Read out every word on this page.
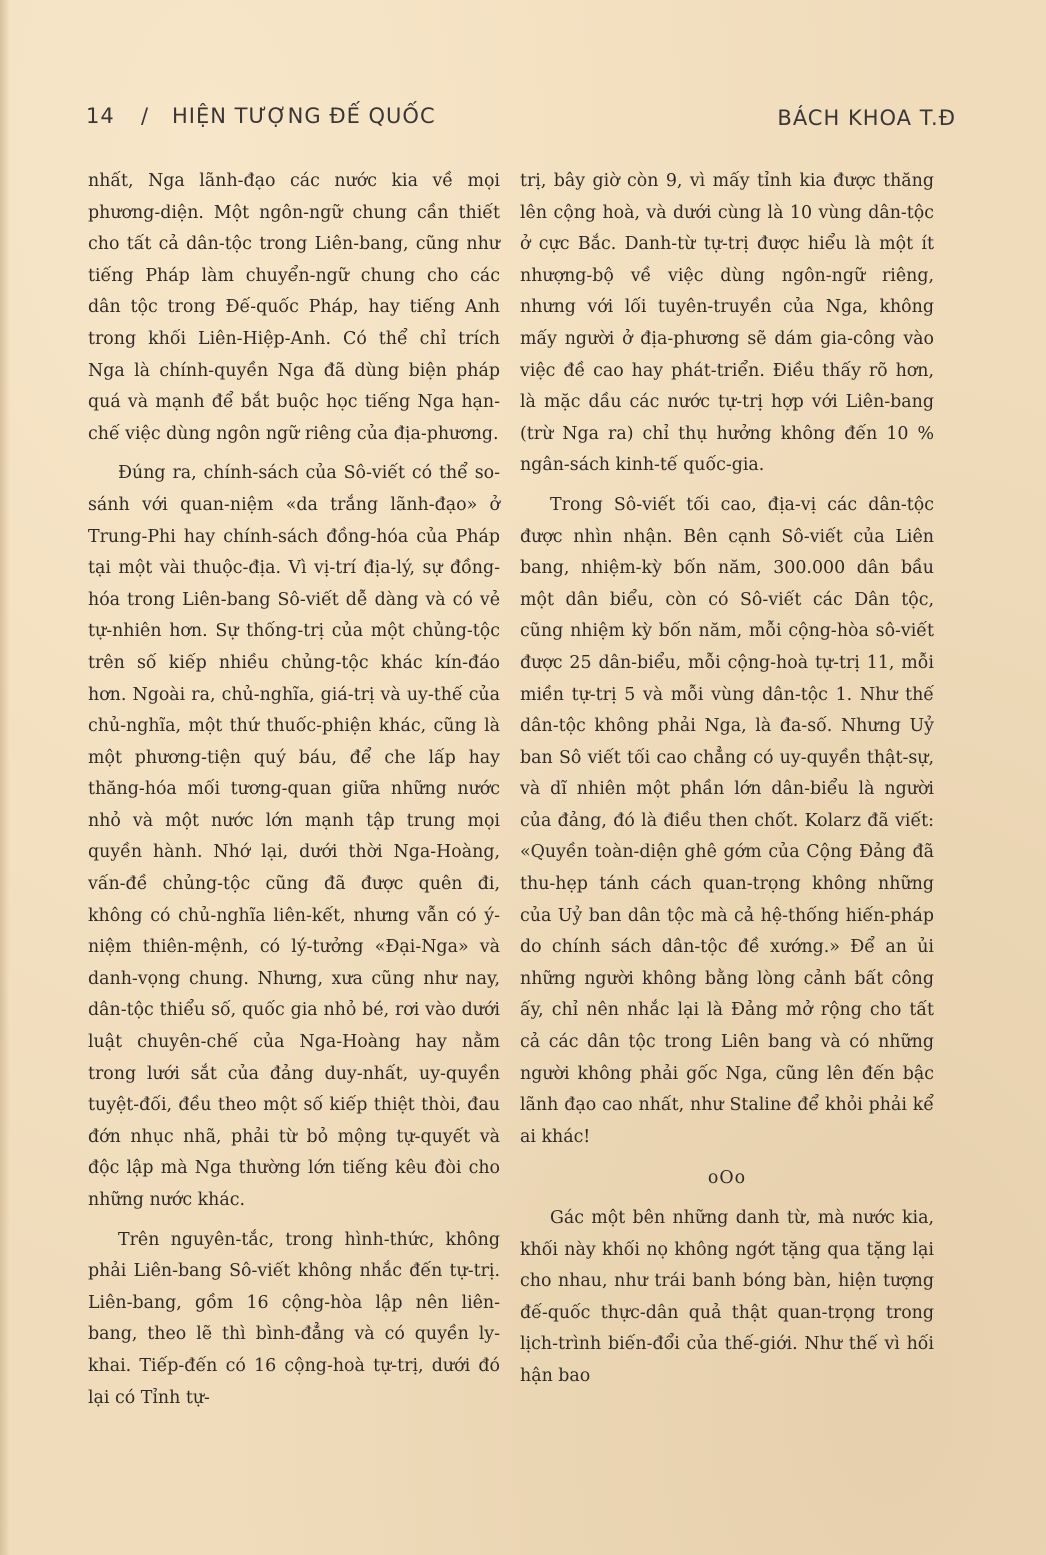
14 / HIỆN TƯỢNG ĐẾ QUỐC	BÁCH KHOA T.Đ

nhất, Nga lãnh-đạo các nước kia về mọi phương-diện. Một ngôn-ngữ chung cần thiết cho tất cả dân-tộc trong Liên-bang, cũng như tiếng Pháp làm chuyển-ngữ chung cho các dân tộc trong Đế-quốc Pháp, hay tiếng Anh trong khối Liên-Hiệp-Anh. Có thể chỉ trích Nga là chính-quyền Nga đã dùng biện pháp quá và mạnh để bắt buộc học tiếng Nga hạn-chế việc dùng ngôn ngữ riêng của địa-phương.

Đúng ra, chính-sách của Sô-viết có thể so-sánh với quan-niệm «da trắng lãnh-đạo» ở Trung-Phi hay chính-sách đồng-hóa của Pháp tại một vài thuộc-địa. Vì vị-trí địa-lý, sự đồng-hóa trong Liên-bang Sô-viết dễ dàng và có vẻ tự-nhiên hơn. Sự thống-trị của một chủng-tộc trên số kiếp nhiều chủng-tộc khác kín-đáo hơn. Ngoài ra, chủ-nghĩa, giá-trị và uy-thế của chủ-nghĩa, một thứ thuốc-phiện khác, cũng là một phương-tiện quý báu, để che lấp hay thăng-hóa mối tương-quan giữa những nước nhỏ và một nước lớn mạnh tập trung mọi quyền hành. Nhớ lại, dưới thời Nga-Hoàng, vấn-đề chủng-tộc cũng đã được quên đi, không có chủ-nghĩa liên-kết, nhưng vẫn có ý-niệm thiên-mệnh, có lý-tưởng «Đại-Nga» và danh-vọng chung. Nhưng, xưa cũng như nay, dân-tộc thiểu số, quốc gia nhỏ bé, rơi vào dưới luật chuyên-chế của Nga-Hoàng hay nằm trong lưới sắt của đảng duy-nhất, uy-quyền tuyệt-đối, đều theo một số kiếp thiệt thòi, đau đớn nhục nhã, phải từ bỏ mộng tự-quyết và độc lập mà Nga thường lớn tiếng kêu đòi cho những nước khác.

Trên nguyên-tắc, trong hình-thức, không phải Liên-bang Sô-viết không nhắc đến tự-trị. Liên-bang, gồm 16 cộng-hòa lập nên liên-bang, theo lẽ thì bình-đẳng và có quyền ly-khai. Tiếp-đến có 16 cộng-hoà tự-trị, dưới đó lại có Tỉnh tự-

trị, bây giờ còn 9, vì mấy tỉnh kia được thăng lên cộng hoà, và dưới cùng là 10 vùng dân-tộc ở cực Bắc. Danh-từ tự-trị được hiểu là một ít nhượng-bộ về việc dùng ngôn-ngữ riêng, nhưng với lối tuyên-truyền của Nga, không mấy người ở địa-phương sẽ dám gia-công vào việc đề cao hay phát-triển. Điều thấy rõ hơn, là mặc dầu các nước tự-trị hợp với Liên-bang (trừ Nga ra) chỉ thụ hưởng không đến 10 % ngân-sách kinh-tế quốc-gia.

Trong Sô-viết tối cao, địa-vị các dân-tộc được nhìn nhận. Bên cạnh Sô-viết của Liên bang, nhiệm-kỳ bốn năm, 300.000 dân bầu một dân biểu, còn có Sô-viết các Dân tộc, cũng nhiệm kỳ bốn năm, mỗi cộng-hòa sô-viết được 25 dân-biểu, mỗi cộng-hoà tự-trị 11, mỗi miền tự-trị 5 và mỗi vùng dân-tộc 1. Như thế dân-tộc không phải Nga, là đa-số. Nhưng Uỷ ban Sô viết tối cao chẳng có uy-quyền thật-sự, và dĩ nhiên một phần lớn dân-biểu là người của đảng, đó là điều then chốt. Kolarz đã viết: «Quyền toàn-diện ghê gớm của Cộng Đảng đã thu-hẹp tánh cách quan-trọng không những của Uỷ ban dân tộc mà cả hệ-thống hiến-pháp do chính sách dân-tộc đề xướng.» Để an ủi những người không bằng lòng cảnh bất công ấy, chỉ nên nhắc lại là Đảng mở rộng cho tất cả các dân tộc trong Liên bang và có những người không phải gốc Nga, cũng lên đến bậc lãnh đạo cao nhất, như Staline để khỏi phải kể ai khác!

oOo

Gác một bên những danh từ, mà nước kia, khối này khối nọ không ngớt tặng qua tặng lại cho nhau, như trái banh bóng bàn, hiện tượng đế-quốc thực-dân quả thật quan-trọng trong lịch-trình biến-đổi của thế-giới. Như thế vì hối hận bao
